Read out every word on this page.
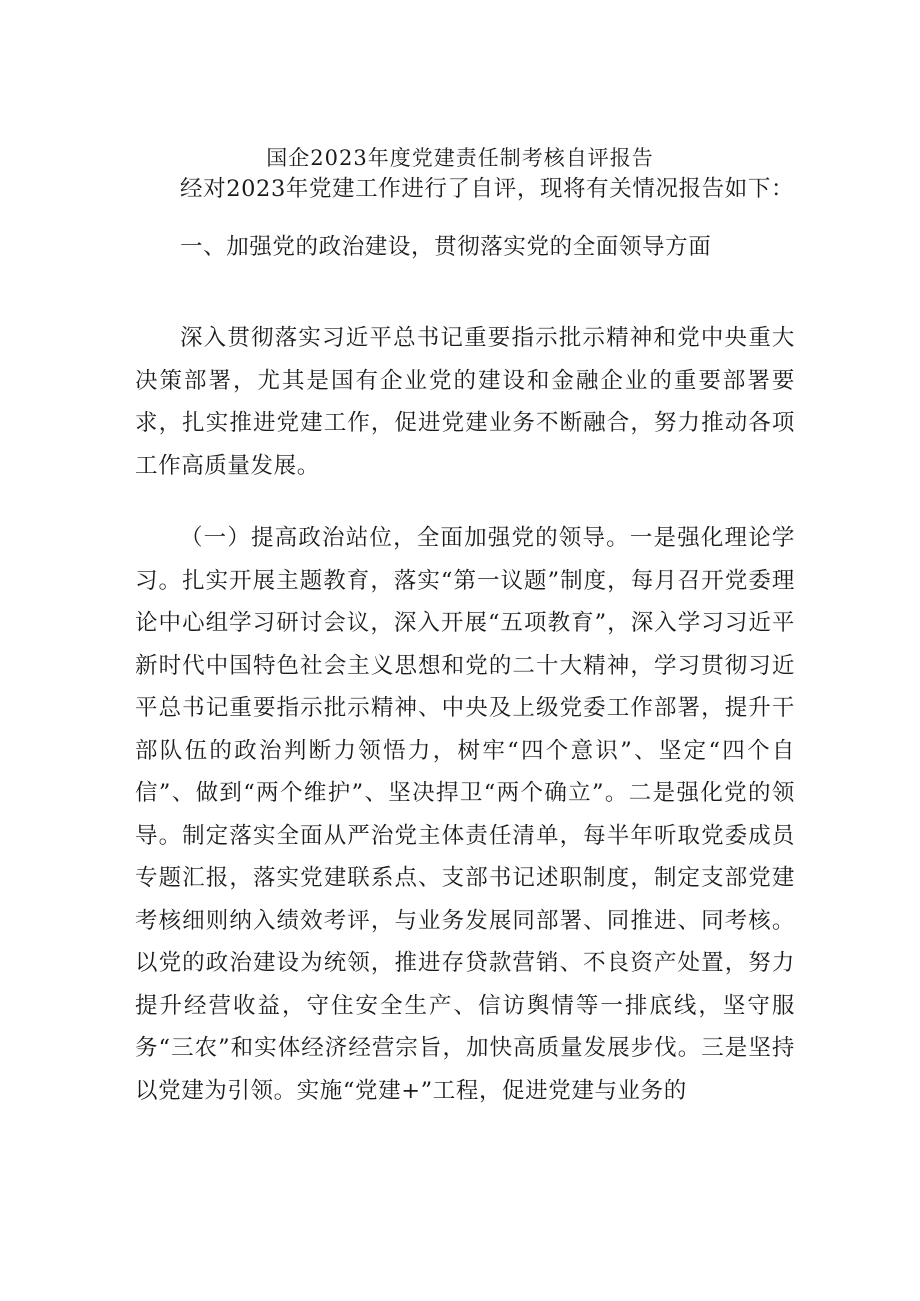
国企2023年度党建责任制考核自评报告

经对2023年党建工作进行了自评，现将有关情况报告如下：

一、加强党的政治建设，贯彻落实党的全面领导方面

深入贯彻落实习近平总书记重要指示批示精神和党中央重大决策部署，尤其是国有企业党的建设和金融企业的重要部署要求，扎实推进党建工作，促进党建业务不断融合，努力推动各项工作高质量发展。

（一）提高政治站位，全面加强党的领导。一是强化理论学习。扎实开展主题教育，落实“第一议题”制度，每月召开党委理论中心组学习研讨会议，深入开展“五项教育”，深入学习习近平新时代中国特色社会主义思想和党的二十大精神，学习贯彻习近平总书记重要指示批示精神、中央及上级党委工作部署，提升干部队伍的政治判断力领悟力，树牢“四个意识”、坚定“四个自信”、做到“两个维护”、坚决捍卫“两个确立”。二是强化党的领导。制定落实全面从严治党主体责任清单，每半年听取党委成员专题汇报，落实党建联系点、支部书记述职制度，制定支部党建考核细则纳入绩效考评，与业务发展同部署、同推进、同考核。以党的政治建设为统领，推进存贷款营销、不良资产处置，努力提升经营收益，守住安全生产、信访舆情等一排底线，坚守服务“三农”和实体经济经营宗旨，加快高质量发展步伐。三是坚持以党建为引领。实施“党建+”工程，促进党建与业务的
